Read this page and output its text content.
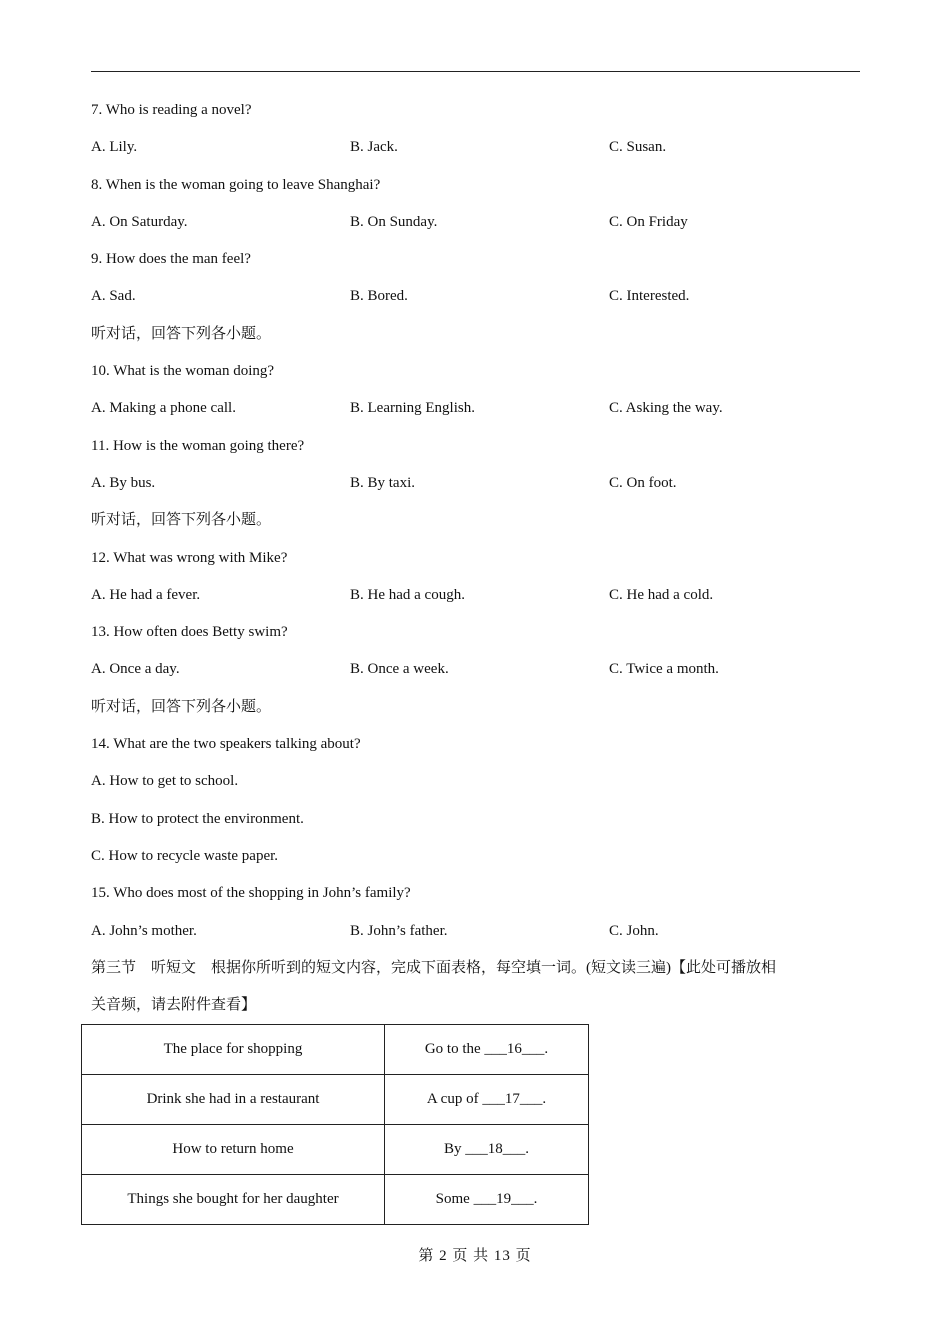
7. Who is reading a novel?
A. Lily.	B. Jack.	C. Susan.
8. When is the woman going to leave Shanghai?
A. On Saturday.	B. On Sunday.	C. On Friday
9. How does the man feel?
A. Sad.	B. Bored.	C. Interested.
听对话，回答下列各小题。
10. What is the woman doing?
A. Making a phone call.	B. Learning English.	C. Asking the way.
11. How is the woman going there?
A. By bus.	B. By taxi.	C. On foot.
听对话，回答下列各小题。
12. What was wrong with Mike?
A. He had a fever.	B. He had a cough.	C. He had a cold.
13. How often does Betty swim?
A. Once a day.	B. Once a week.	C. Twice a month.
听对话，回答下列各小题。
14. What are the two speakers talking about?
A. How to get to school.
B. How to protect the environment.
C. How to recycle waste paper.
15. Who does most of the shopping in John’s family?
A. John’s mother.	B. John’s father.	C. John.
第三节　听短文　根据你所听到的短文内容，完成下面表格，每空填一词。(短文读三遍)【此处可播放相
关音频，请去附件查看】
The place for shopping	Go to the ___16___.
Drink she had in a restaurant	A cup of ___17___.
How to return home	By ___18___.
Things she bought for her daughter	Some ___19___.
第 2 页 共 13 页
